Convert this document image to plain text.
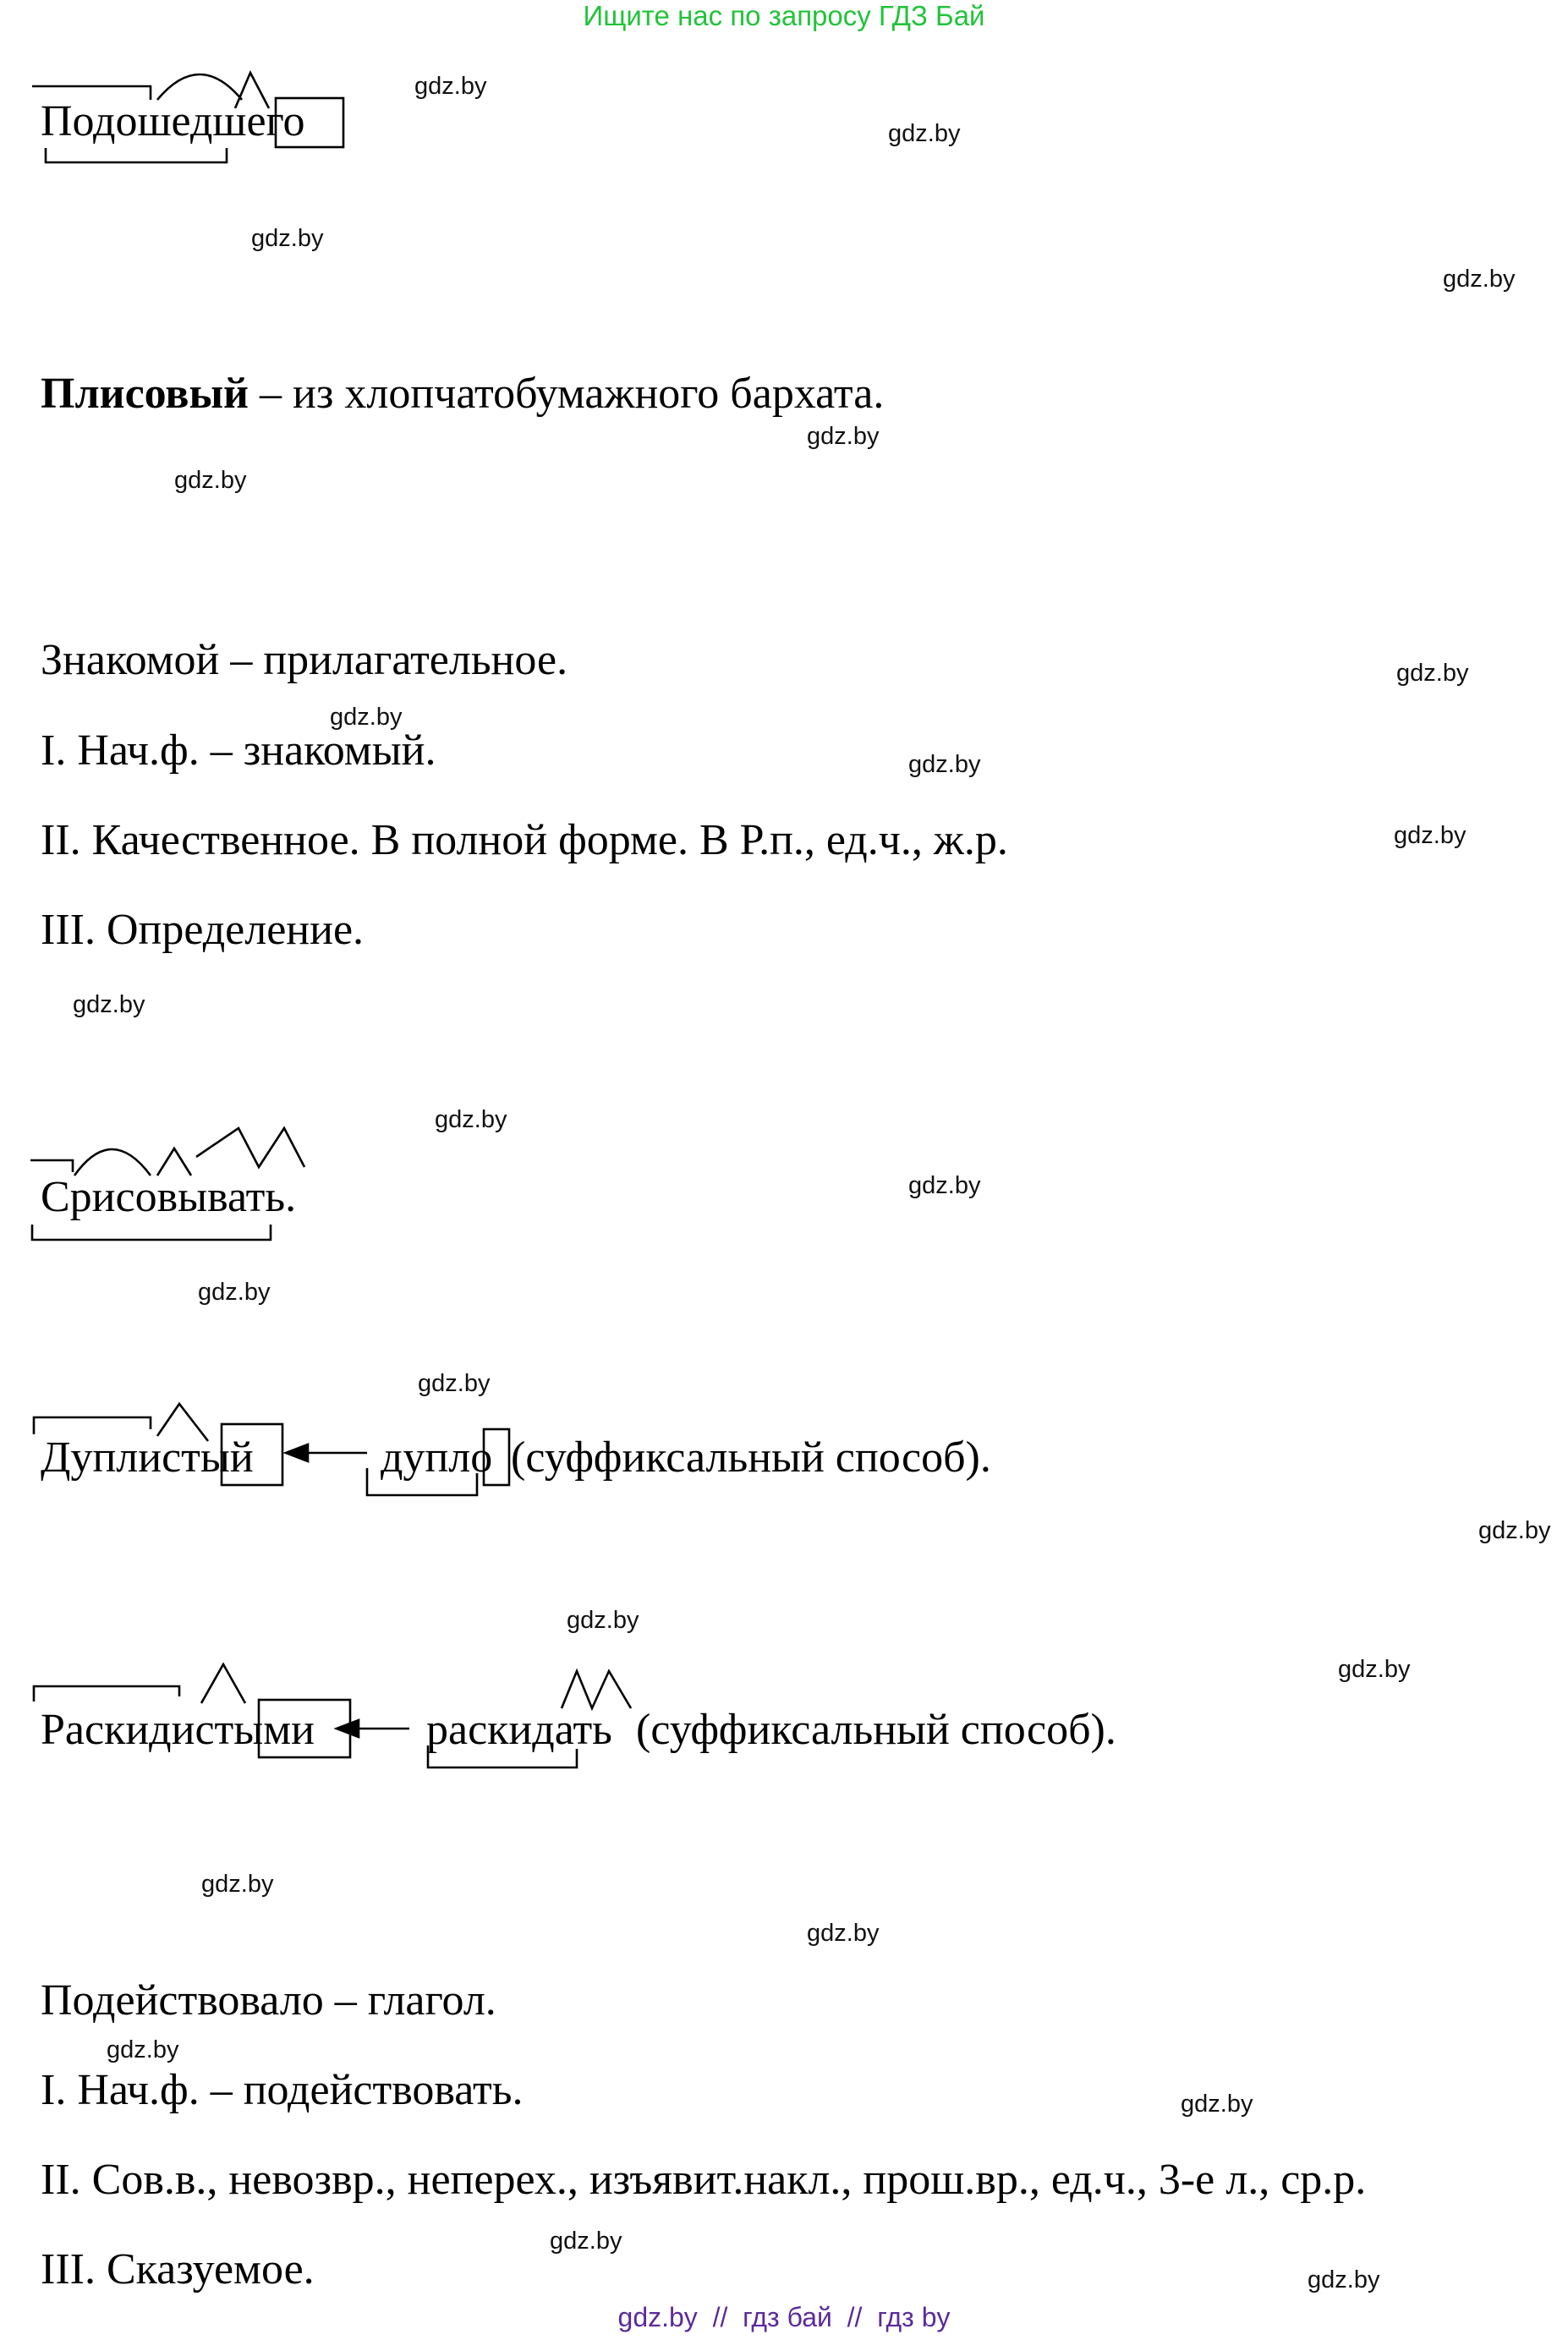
Ищите нас по запросу ГДЗ Бай
gdz.by
gdz.by
gdz.by
gdz.by
gdz.by
gdz.by
gdz.by
gdz.by
gdz.by
gdz.by
gdz.by
gdz.by
gdz.by
gdz.by
gdz.by
gdz.by
gdz.by
gdz.by
gdz.by
gdz.by
gdz.by
gdz.by
gdz.by
gdz.by
Подошедшего
Плисовый – из хлопчатобумажного бархата.
Знакомой – прилагательное.
I. Нач.ф. – знакомый.
II. Качественное. В полной форме. В Р.п., ед.ч., ж.р.
III. Определение.
Срисовывать.
Дуплистый	дупло (суффиксальный способ).
Раскидистыми	раскидать (суффиксальный способ).
Подействовало – глагол.
I. Нач.ф. – подействовать.
II. Сов.в., невозвр., неперех., изъявит.накл., прош.вр., ед.ч., 3-е л., ср.р.
III. Сказуемое.
gdz.by  //  гдз бай  //  гдз by
